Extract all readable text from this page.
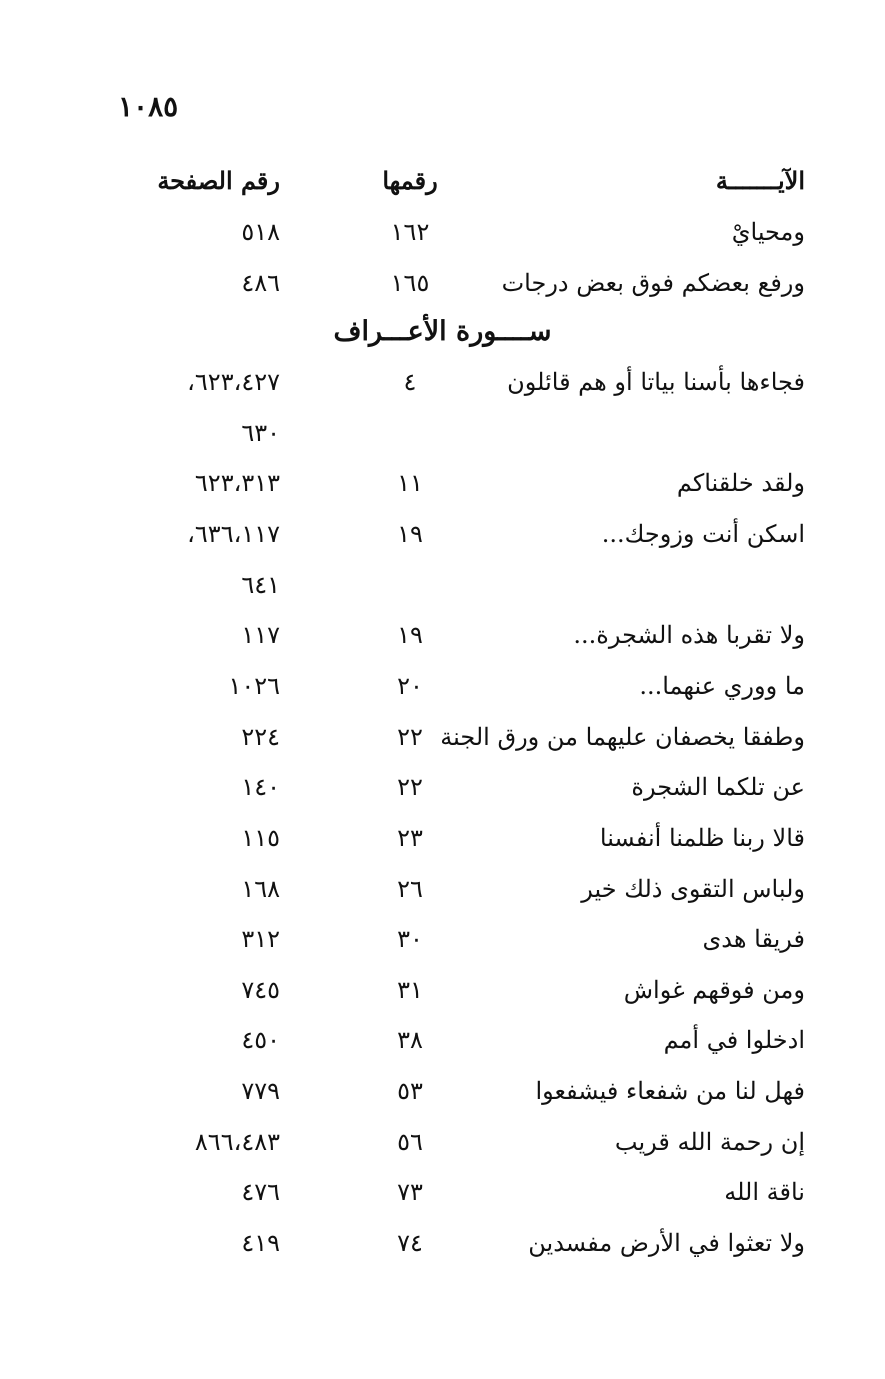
١٠٨٥
الآيـــــــة
رقمها
رقم الصفحة
ومحيايْ
١٦٢
٥١٨
ورفع بعضكم فوق بعض درجات
١٦٥
٤٨٦
ســــورة الأعـــراف
فجاءها بأسنا بياتا أو هم قائلون
٤
٦٢٣،٤٢٧،
٦٣٠
ولقد خلقناكم
١١
٦٢٣،٣١٣
اسكن أنت وزوجك...
١٩
٦٣٦،١١٧،
٦٤١
ولا تقربا هذه الشجرة...
١٩
١١٧
ما ووري عنهما...
٢٠
١٠٢٦
وطفقا يخصفان عليهما من ورق الجنة
٢٢
٢٢٤
عن تلكما الشجرة
٢٢
١٤٠
قالا ربنا ظلمنا أنفسنا
٢٣
١١٥
ولباس التقوى ذلك خير
٢٦
١٦٨
فريقا هدى
٣٠
٣١٢
ومن فوقهم غواش
٣١
٧٤٥
ادخلوا في أمم
٣٨
٤٥٠
فهل لنا من شفعاء فيشفعوا
٥٣
٧٧٩
إن رحمة الله قريب
٥٦
٨٦٦،٤٨٣
ناقة الله
٧٣
٤٧٦
ولا تعثوا في الأرض مفسدين
٧٤
٤١٩
